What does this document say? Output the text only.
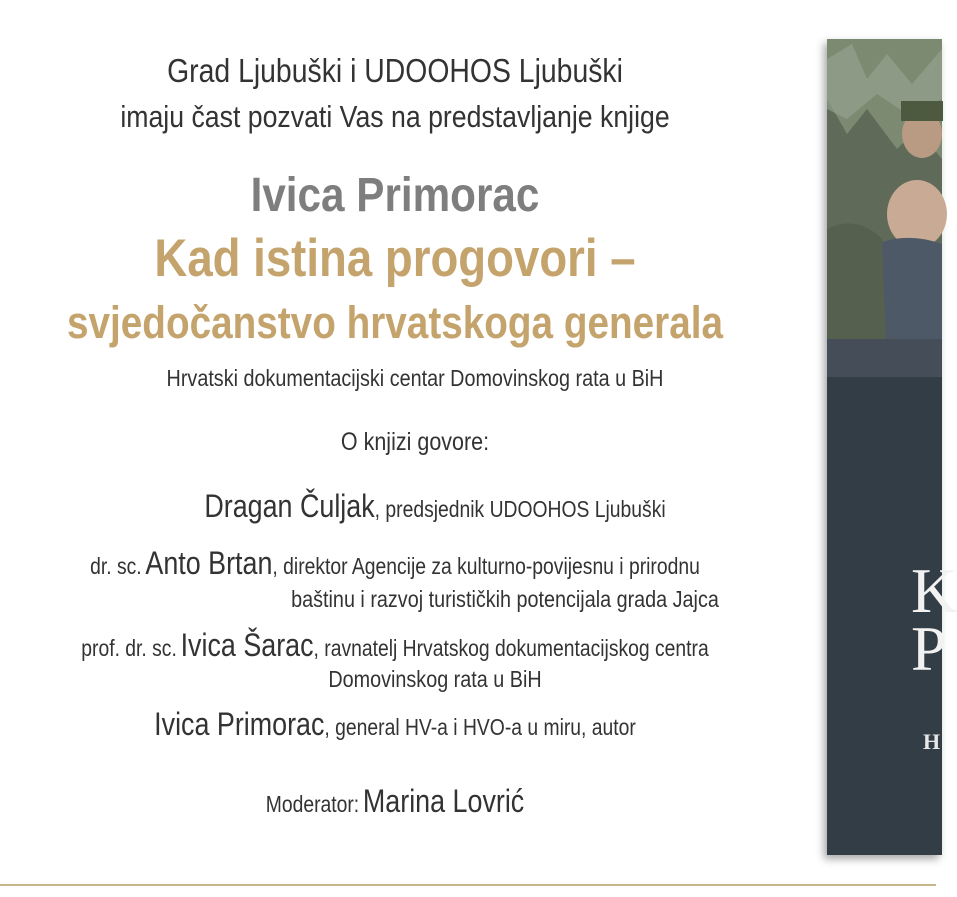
Grad Ljubuški i UDOOHOS Ljubuški
imaju čast pozvati Vas na predstavljanje knjige
Ivica Primorac
Kad istina progovori –
svjedočanstvo hrvatskoga generala
Hrvatski dokumentacijski centar Domovinskog rata u BiH
O knjizi govore:
Dragan Čuljak, predsjednik UDOOHOS Ljubuški
dr. sc. Anto Brtan, direktor Agencije za kulturno-povijesnu i prirodnu
baštinu i razvoj turističkih potencijala grada Jajca
prof. dr. sc. Ivica Šarac, ravnatelj Hrvatskog dokumentacijskog centra
Domovinskog rata u BiH
Ivica Primorac, general HV-a i HVO-a u miru, autor
Moderator: Marina Lovrić
K
P
H
